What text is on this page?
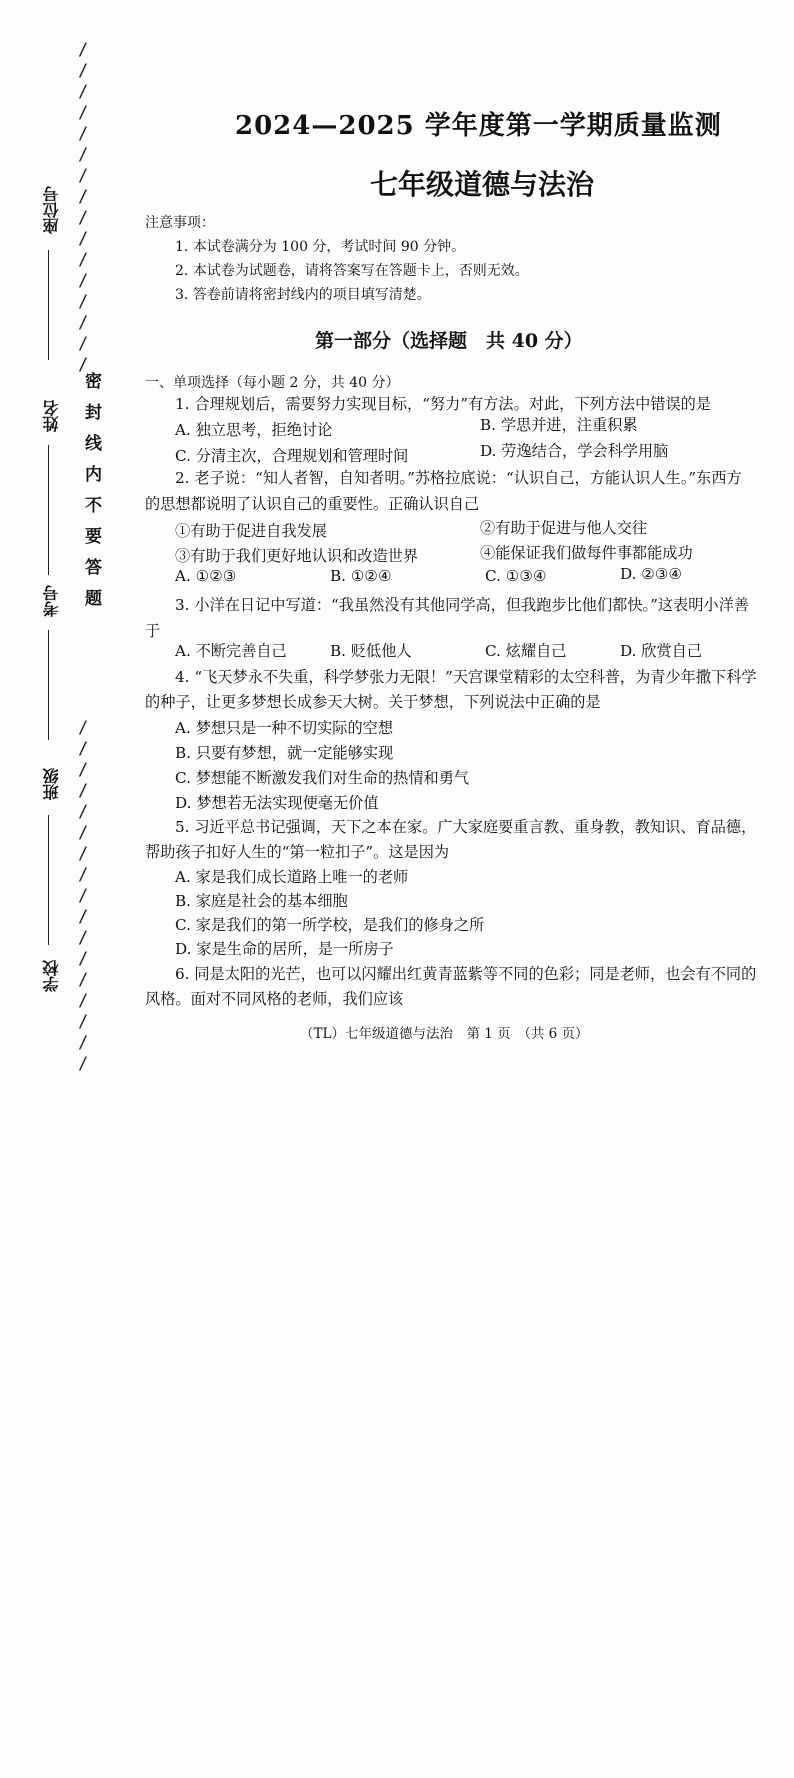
/
/
/
/
/
/
/
/
/
/
/
/
/
/
/
/
密封线内不要答题
/
/
/
/
/
/
/
/
/
/
/
/
/
/
/
/
/
座位号
姓名
考号
班级
学校
2024—2025 学年度第一学期质量监测
七年级道德与法治
注意事项：
1. 本试卷满分为 100 分，考试时间 90 分钟。
2. 本试卷为试题卷，请将答案写在答题卡上，否则无效。
3. 答卷前请将密封线内的项目填写清楚。
第一部分（选择题　共 40 分）
一、单项选择（每小题 2 分，共 40 分）
1. 合理规划后，需要努力实现目标，“努力”有方法。对此，下列方法中错误的是
A. 独立思考，拒绝讨论	B. 学思并进，注重积累
C. 分清主次，合理规划和管理时间	D. 劳逸结合，学会科学用脑
2. 老子说：“知人者智，自知者明。”苏格拉底说：“认识自己，方能认识人生。”东西方
的思想都说明了认识自己的重要性。正确认识自己
①有助于促进自我发展	②有助于促进与他人交往
③有助于我们更好地认识和改造世界	④能保证我们做每件事都能成功
A. ①②③	B. ①②④	C. ①③④	D. ②③④
3. 小洋在日记中写道：“我虽然没有其他同学高，但我跑步比他们都快。”这表明小洋善
于
A. 不断完善自己	B. 贬低他人	C. 炫耀自己	D. 欣赏自己
4. “飞天梦永不失重，科学梦张力无限！”天宫课堂精彩的太空科普，为青少年撒下科学
的种子，让更多梦想长成参天大树。关于梦想，下列说法中正确的是
A. 梦想只是一种不切实际的空想
B. 只要有梦想，就一定能够实现
C. 梦想能不断激发我们对生命的热情和勇气
D. 梦想若无法实现便毫无价值
5. 习近平总书记强调，天下之本在家。广大家庭要重言教、重身教，教知识、育品德，
帮助孩子扣好人生的“第一粒扣子”。这是因为
A. 家是我们成长道路上唯一的老师
B. 家庭是社会的基本细胞
C. 家是我们的第一所学校，是我们的修身之所
D. 家是生命的居所，是一所房子
6. 同是太阳的光芒，也可以闪耀出红黄青蓝紫等不同的色彩；同是老师，也会有不同的
风格。面对不同风格的老师，我们应该
（TL）七年级道德与法治　第 1 页　（共 6 页）
